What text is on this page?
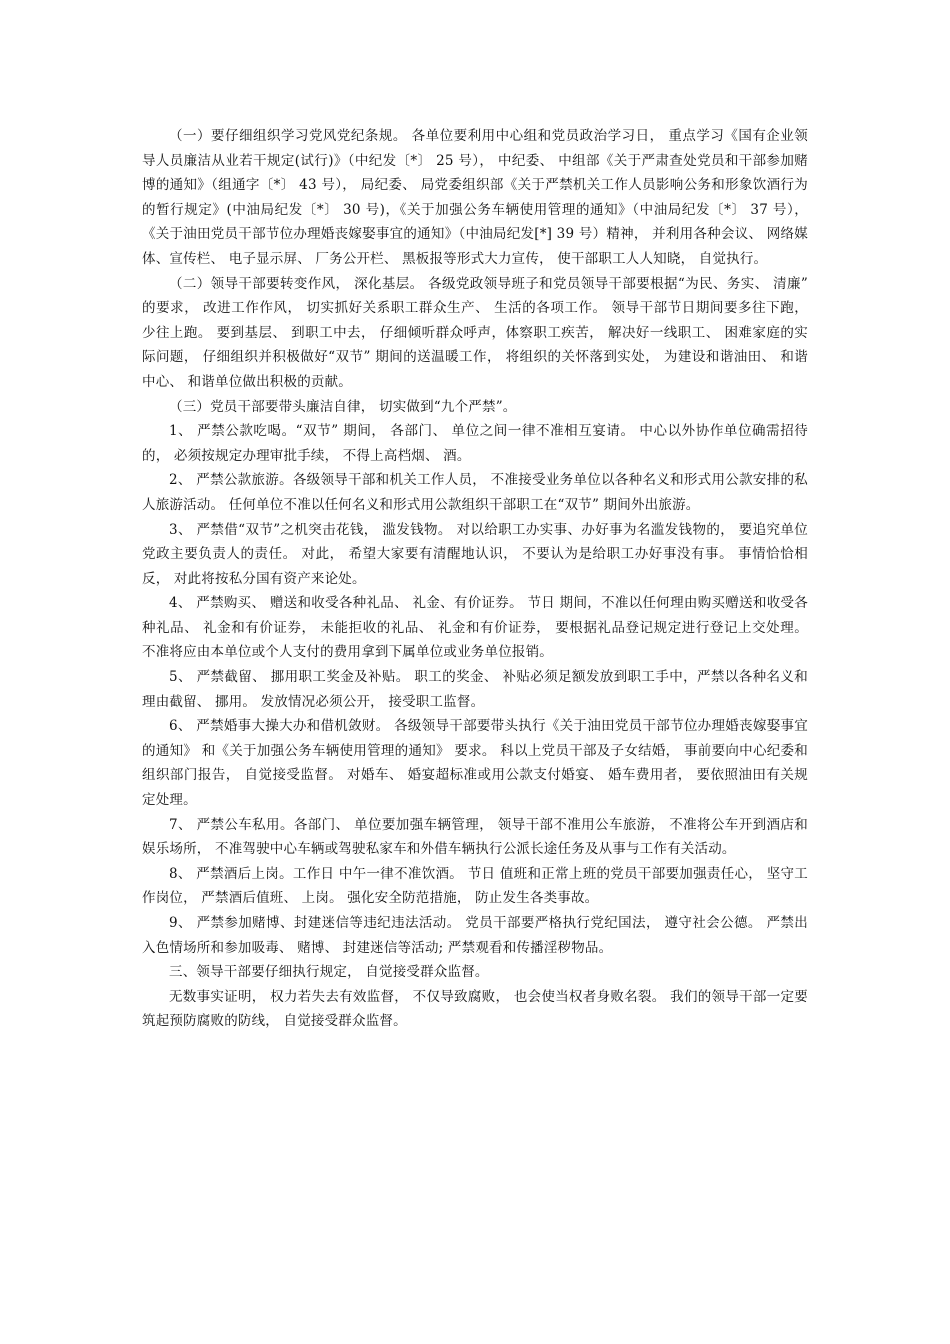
（一）要仔细组织学习党风党纪条规。 各单位要利用中心组和党员政治学习日， 重点学习《国有企业领导人员廉洁从业若干规定(试行)》（中纪发〔*〕 25 号）， 中纪委、 中组部《关于严肃查处党员和干部参加赌博的通知》（组通字〔*〕 43 号）， 局纪委、 局党委组织部《关于严禁机关工作人员影响公务和形象饮酒行为的暂行规定》(中油局纪发〔*〕 30 号)，《关于加强公务车辆使用管理的通知》（中油局纪发〔*〕 37 号），《关于油田党员干部节位办理婚丧嫁娶事宜的通知》（中油局纪发[*] 39 号）精神， 并利用各种会议、 网络媒体、宣传栏、 电子显示屏、 厂务公开栏、 黑板报等形式大力宣传， 使干部职工人人知晓， 自觉执行。

（二）领导干部要转变作风， 深化基层。 各级党政领导班子和党员领导干部要根据“为民、务实、 清廉” 的要求， 改进工作作风， 切实抓好关系职工群众生产、 生活的各项工作。 领导干部节日期间要多往下跑， 少往上跑。 要到基层、 到职工中去， 仔细倾听群众呼声，体察职工疾苦， 解决好一线职工、 困难家庭的实际问题， 仔细组织并积极做好“双节” 期间的送温暖工作， 将组织的关怀落到实处， 为建设和谐油田、 和谐中心、 和谐单位做出积极的贡献。

（三）党员干部要带头廉洁自律， 切实做到“九个严禁”。

1、 严禁公款吃喝。“双节” 期间， 各部门、 单位之间一律不准相互宴请。 中心以外协作单位确需招待的， 必须按规定办理审批手续， 不得上高档烟、 酒。

2、 严禁公款旅游。各级领导干部和机关工作人员， 不准接受业务单位以各种名义和形式用公款安排的私人旅游活动。 任何单位不准以任何名义和形式用公款组织干部职工在“双节” 期间外出旅游。

3、 严禁借“双节”之机突击花钱， 滥发钱物。 对以给职工办实事、办好事为名滥发钱物的， 要追究单位党政主要负责人的责任。 对此， 希望大家要有清醒地认识， 不要认为是给职工办好事没有事。 事情恰恰相反， 对此将按私分国有资产来论处。

4、 严禁购买、 赠送和收受各种礼品、 礼金、有价证券。 节日 期间，不准以任何理由购买赠送和收受各种礼品、 礼金和有价证券， 未能拒收的礼品、 礼金和有价证券， 要根据礼品登记规定进行登记上交处理。 不准将应由本单位或个人支付的费用拿到下属单位或业务单位报销。

5、 严禁截留、 挪用职工奖金及补贴。 职工的奖金、 补贴必须足额发放到职工手中，严禁以各种名义和理由截留、 挪用。 发放情况必须公开， 接受职工监督。

6、 严禁婚事大操大办和借机敛财。 各级领导干部要带头执行《关于油田党员干部节位办理婚丧嫁娶事宜的通知》 和《关于加强公务车辆使用管理的通知》 要求。 科以上党员干部及子女结婚， 事前要向中心纪委和组织部门报告， 自觉接受监督。 对婚车、 婚宴超标准或用公款支付婚宴、 婚车费用者， 要依照油田有关规定处理。

7、 严禁公车私用。各部门、 单位要加强车辆管理， 领导干部不准用公车旅游， 不准将公车开到酒店和娱乐场所， 不准驾驶中心车辆或驾驶私家车和外借车辆执行公派长途任务及从事与工作有关活动。

8、 严禁酒后上岗。工作日 中午一律不准饮酒。 节日 值班和正常上班的党员干部要加强责任心， 坚守工作岗位， 严禁酒后值班、 上岗。 强化安全防范措施， 防止发生各类事故。

9、 严禁参加赌博、封建迷信等违纪违法活动。 党员干部要严格执行党纪国法， 遵守社会公德。 严禁出入色情场所和参加吸毒、 赌博、 封建迷信等活动; 严禁观看和传播淫秽物品。

三、领导干部要仔细执行规定， 自觉接受群众监督。

无数事实证明， 权力若失去有效监督， 不仅导致腐败， 也会使当权者身败名裂。 我们的领导干部一定要筑起预防腐败的防线， 自觉接受群众监督。
